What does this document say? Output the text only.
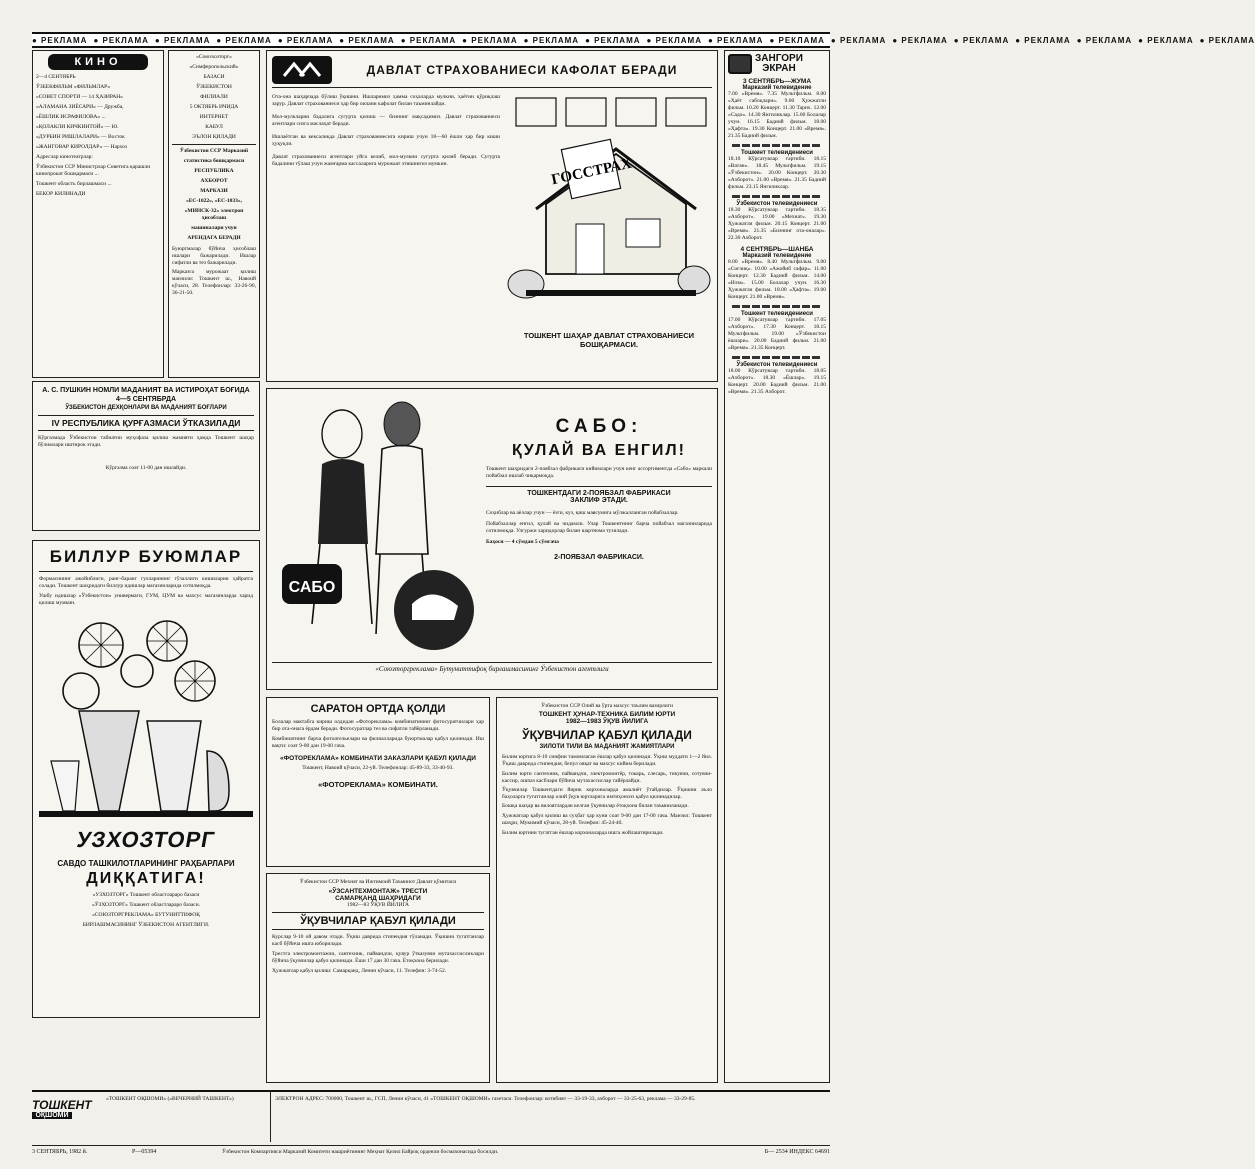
● РЕКЛАМА ● РЕКЛАМА ● РЕКЛАМА ● РЕКЛАМА ● РЕКЛАМА ● РЕКЛАМА ● РЕКЛАМА ● РЕКЛАМА ● РЕКЛАМА ● РЕКЛАМА ● РЕКЛАМА ● РЕКЛАМА ● РЕКЛАМА ● РЕКЛАМА ● РЕКЛАМА ● РЕКЛАМА ● РЕКЛАМА ● РЕКЛАМА ● РЕКЛАМА ● РЕКЛАМА
КИНО
2—4 СЕНТЯБРЬ
ЎЗБЕКФИЛЬМ «ФИЛЬМЛАР»
«СОВЕТ СПОРТИ — 14 ҲАЗИРАН»
«АЛАМАНА ЗИЁСАРИ» — Дружба,
«ЁШЛИК ИСРАФИЛОВА» ...
«ҚОЛАКЛИ КИЧКИНТОЙ» — Ю.
«ДУРБИН РИШЛАЛАРИ» — Восток
«ЖАНГОВАР КИРОЛДАР» — Нархоз
Адреслар кинотеатрлар:
Ўзбекистон ССР Министрлар Советига қарашли кинопрокат бошқармаси ...
Тошкент область бирлашмаси ...
БЕКОР КИЛИНАДИ
«Союзхозторг»
«Симферопольский»
БАЗАСИ
ЎЗБЕКИСТОН
ФИЛИАЛИ
5 ОКТЯБРЬ ИЧИДА
ИНТЕРНЕТ
КАБУЛ
ЭЪЛОН ҚИЛАДИ
Ўзбекистон ССР Марказий
статистика бошқармаси
РЕСПУБЛИКА
АХБОРОТ
МАРКАЗИ
«ЕС-1022», «ЕС-1033»,
«МИНСК-32» электрон ҳисоблаш
машиналари учун
АРЕНДАГА БЕРАДИ

Буюртмалар бўйича ҳисоблаш ишлари бажарилади. Ишлар сифатли ва тез бажарилади.

Марказга мурожаат қилиш манзили: Тошкент ш., Навоий кўчаси, 28. Телефонлар: 33-26-90, 36-21-50.

А. С. ПУШКИН НОМЛИ МАДАНИЯТ ВА ИСТИРОҲАТ БОҒИДА
4—5 СЕНТЯБРДА
ЎЗБЕКИСТОН ДЕХҚОНЛАРИ ВА МАДАНИЯТ БОҒЛАРИ
IV РЕСПУБЛИКА ҚУРҒАЗМАСИ ЎТКАЗИЛАДИ
Кўргазмада Ўзбекистон табиатни муҳофаза қилиш жамияти ҳамда Тошкент шаҳар бўлимлари иштирок этади.
Кўргазма соат 11-00 дан ишлайди.
БИЛЛУР БУЮМЛАР
Формасининг ажойиблиги, ранг-баранг гулларининг гўзаллиги кишиларни ҳайратга солади. Тошкент шаҳридаги биллур идишлар магазинларида сотилмоқда.
Ушбу идишлар «Ўзбекистон» универмаги, ГУМ, ЦУМ ва махсус магазинларда харид қилиш мумкин.
УЗХОЗТОРГ
САВДО ТАШКИЛОТЛАРИНИНГ РАҲБАРЛАРИ
ДИҚҚАТИГА!
«УЗХОЗТОРГ» Тошкент областлараро базаси
«ЎЗХОЗТОРГ» Тошкент областлараро базаси.
«СОЮЗТОРГРЕКЛАМА» БУТУНИТТИФОҚ
БИРЛАШМАСИНИНГ ЎЗБЕКИСТОН АГЕНТЛИГИ.
ДАВЛАТ СТРАХОВАНИЕСИ КАФОЛАТ БЕРАДИ
Ота-она шаҳарчада бўлиш ўқишни. Ишларимиз ҳамма соҳаларда мулкни, ҳаётни қўриқлаш зарур. Давлат страхованиеси ҳар бир оилани кафолат билан таъминлайди.
Мол-мулкларни бадалига сугурта қилиш — бизнинг мақсадимиз. Давлат страхованиеси агентлари сизга маслаҳат беради.
Ишлаётган ва кексаликда Давлат страхованиесига кириш учун 18—60 ёшли ҳар бир киши ҳуқуқли.
Давлат страхованиеси агентлари уйга келиб, мол-мулкни сугурта қилиб беради. Сугурта бадалини тўлаш учун жамғарма кассаларига мурожаат этишингиз мумкин.	ГОССТРАХ
ТОШКЕНТ ШАҲАР ДАВЛАТ СТРАХОВАНИЕСИ БОШҚАРМАСИ.
САБО
САБО:
ҚУЛАЙ ВА ЕНГИЛ!
Тошкент шаҳридаги 2-поябзал фабрикаси кийимлари учун кенг ассортиментда «Сабо» маркали пойабзал ишлаб чиқармоқда.
ТОШКЕНТДАГИ 2-ПОЯБЗАЛ ФАБРИКАСИ
ЗАКЛИФ ЭТАДИ.
Соҳиблар ва аёллар учун — ёзги, куз, қиш мавсумига мўлжалланган пойабзаллар.
Пойабзаллар енгил, қулай ва чидамли. Улар Тошкентнинг барча пойабзал магазинларида сотилмоқда. Улгуржи харидорлар билан шартнома тузилади.
Баҳоси — 4 сўмдан 5 сўмгача
2-ПОЯБЗАЛ ФАБРИКАСИ.
«Союзторгреклама» Бутуниттифоқ бирлашмасининг Ўзбекистон агентлиги
САРАТОН ОРТДА ҚОЛДИ
Болалар мактабга кириш олдидан «Фотореклама» комбинатининг фотосуратчилари ҳар бир ота-онага ёрдам беради. Фотосуратлар тез ва сифатли тайёрланади.
Комбинатнинг барча фотоательелари ва филиалларида буюртмалар қабул қилинади. Иш вақти: соат 9-00 дан 19-00 гача.
«ФОТОРЕКЛАМА» КОМБИНАТИ ЗАКАЗЛАРИ ҚАБУЛ ҚИЛАДИ
Тошкент, Навоий кўчаси, 22-уй. Телефонлар: 45-89-33, 33-40-93.
«ФОТОРЕКЛАМА» КОМБИНАТИ.
Ўзбекистон ССР Мехнат ва Ижтимоий Таъминот Давлат қўмитаси
«ЎЗСАНТЕХМОНТАЖ» ТРЕСТИ
САМАРҚАНД ШАҲРИДАГИ
1982—83 ЎҚУВ ЙИЛИГА
ЎҚУВЧИЛАР ҚАБУЛ ҚИЛАДИ
Курслар 9-10 ой давом этади. Ўқиш даврида стипендия тўланади. Ўқишни тугатганлар касб бўйича ишга юборилади.
Трестга электромонтажчи, сантехник, пайвандчи, қувур ўтказувчи мутахассисликлари бўйича ўқувчилар қабул қилинади. Ёши 17 дан 30 гача. Ётоқхона берилади.
Ҳужжатлар қабул қилиш: Самарқанд, Ленин кўчаси, 11. Телефон: 3-74-52.
Ўзбекистон ССР Олий ва ўрта махсус таълим вазирлиги
ТОШКЕНТ ҲУНАР-ТЕХНИКА БИЛИМ ЮРТИ
1982—1983 ЎҚУВ ЙИЛИГА
ЎҚУВЧИЛАР ҚАБУЛ ҚИЛАДИ
ЗИЛОТИ ТИЛИ ВА МАДАНИЯТ ЖАМИЯТЛАРИ
Билим юртига 8-10 синфни тамомлаган ёшлар қабул қилинади. Ўқиш муддати 1—2 йил. Ўқиш даврида стипендия, бепул овқат ва махсус кийим берилади.

Билим юрти сантехник, пайвандчи, электромонтёр, токарь, слесарь, тикувчи, сотувчи-кассир, ошпаз касблари бўйича мутахассислар тайёрлайди.

Ўқувчилар Тошкентдаги йирик корхоналарда амалиёт ўтайдилар. Ўқишни аъло баҳоларга тугатганлар олий ўқув юртларига имтиҳонсиз қабул қилинадилар.

Бошқа шаҳар ва вилоятлардан келган ўқувчилар ётоқхона билан таъминланади.

Ҳужжатлар қабул қилиш ва суҳбат ҳар куни соат 9-00 дан 17-00 гача. Манзил: Тошкент шаҳри, Мукимий кўчаси, 28-уй. Телефон: 45-24-40.
Билим юртини тугатган ёшлар корхоналарда ишга жойлаштирилади.
ЗАНГОРИ
ЭКРАН
3 СЕНТЯБРЬ—ЖУМА
Марказий телевидение
7.00 «Время». 7.35 Мультфильм. 8.00 «Ҳаёт сабоқлари». 9.00 Ҳужжатли фильм. 10.20 Концерт. 11.30 Тарих. 12.00 «Садо». 14.30 Янгиликлар. 15.00 Болалар учун. 16.15 Бадиий фильм. 18.00 «Ҳафта». 19.30 Концерт. 21.00 «Время». 21.35 Бадиий фильм.
Тошкент телевидениеси
18.10 Кўрсатувлар тартиби. 18.15 «Ватан». 18.45 Мультфильм. 19.15 «Ўзбекистон». 20.00 Концерт. 20.30 «Ахборот». 21.00 «Время». 21.35 Бадиий фильм. 23.15 Янгиликлар.
Ўзбекистон телевидениеси
18.30 Кўрсатувлар тартиби. 18.35 «Ахборот». 19.00 «Мехнат». 19.30 Ҳужжатли фильм. 20.15 Концерт. 21.00 «Время». 21.35 «Бизнинг ота-оналар». 22.30 Ахборот.
4 СЕНТЯБРЬ—ШАНБА
Марказий телевидение
8.00 «Время». 8.40 Мультфильм. 9.00 «Соғлиқ». 10.00 «Ажойиб сафар». 11.00 Концерт. 12.30 Бадиий фильм. 14.00 «Илм». 15.00 Болалар учун. 16.30 Ҳужжатли фильм. 18.00 «Ҳафта». 19.00 Концерт. 21.00 «Время».
Тошкент телевидениеси
17.00 Кўрсатувлар тартиби. 17.05 «Ахборот». 17.30 Концерт. 18.15 Мультфильм. 19.00 «Ўзбекистон ёшлари». 20.00 Бадиий фильм. 21.00 «Время». 21.35 Концерт.
Ўзбекистон телевидениеси
18.00 Кўрсатувлар тартиби. 18.05 «Ахборот». 18.30 «Ёшлар». 19.15 Концерт. 20.00 Бадиий фильм. 21.00 «Время». 21.35 Ахборот.
ТОШКЕНТ
ОҚШОМИ
«ТОШКЕНТ ОҚШОМИ» («ВЕЧЕРНИЙ ТАШКЕНТ»)	ЭЛЕКТРОН АДРЕС: 700000, Тошкент ш., ГСП, Ленин кўчаси, 41 «ТОШКЕНТ ОҚШОМИ» газетаси. Телефонлар: котибият — 33-19-33, ахборот — 33-25-63, реклама — 33-29-85.
3 СЕНТЯБРЬ, 1982 й.	Р—05394	Ўзбекистон Компартияси Марказий Комитети нашриётининг Меҳнат Қизил Байроқ орденли босмахонасида босилди.	Б— 2534 ИНДЕКС 64691
